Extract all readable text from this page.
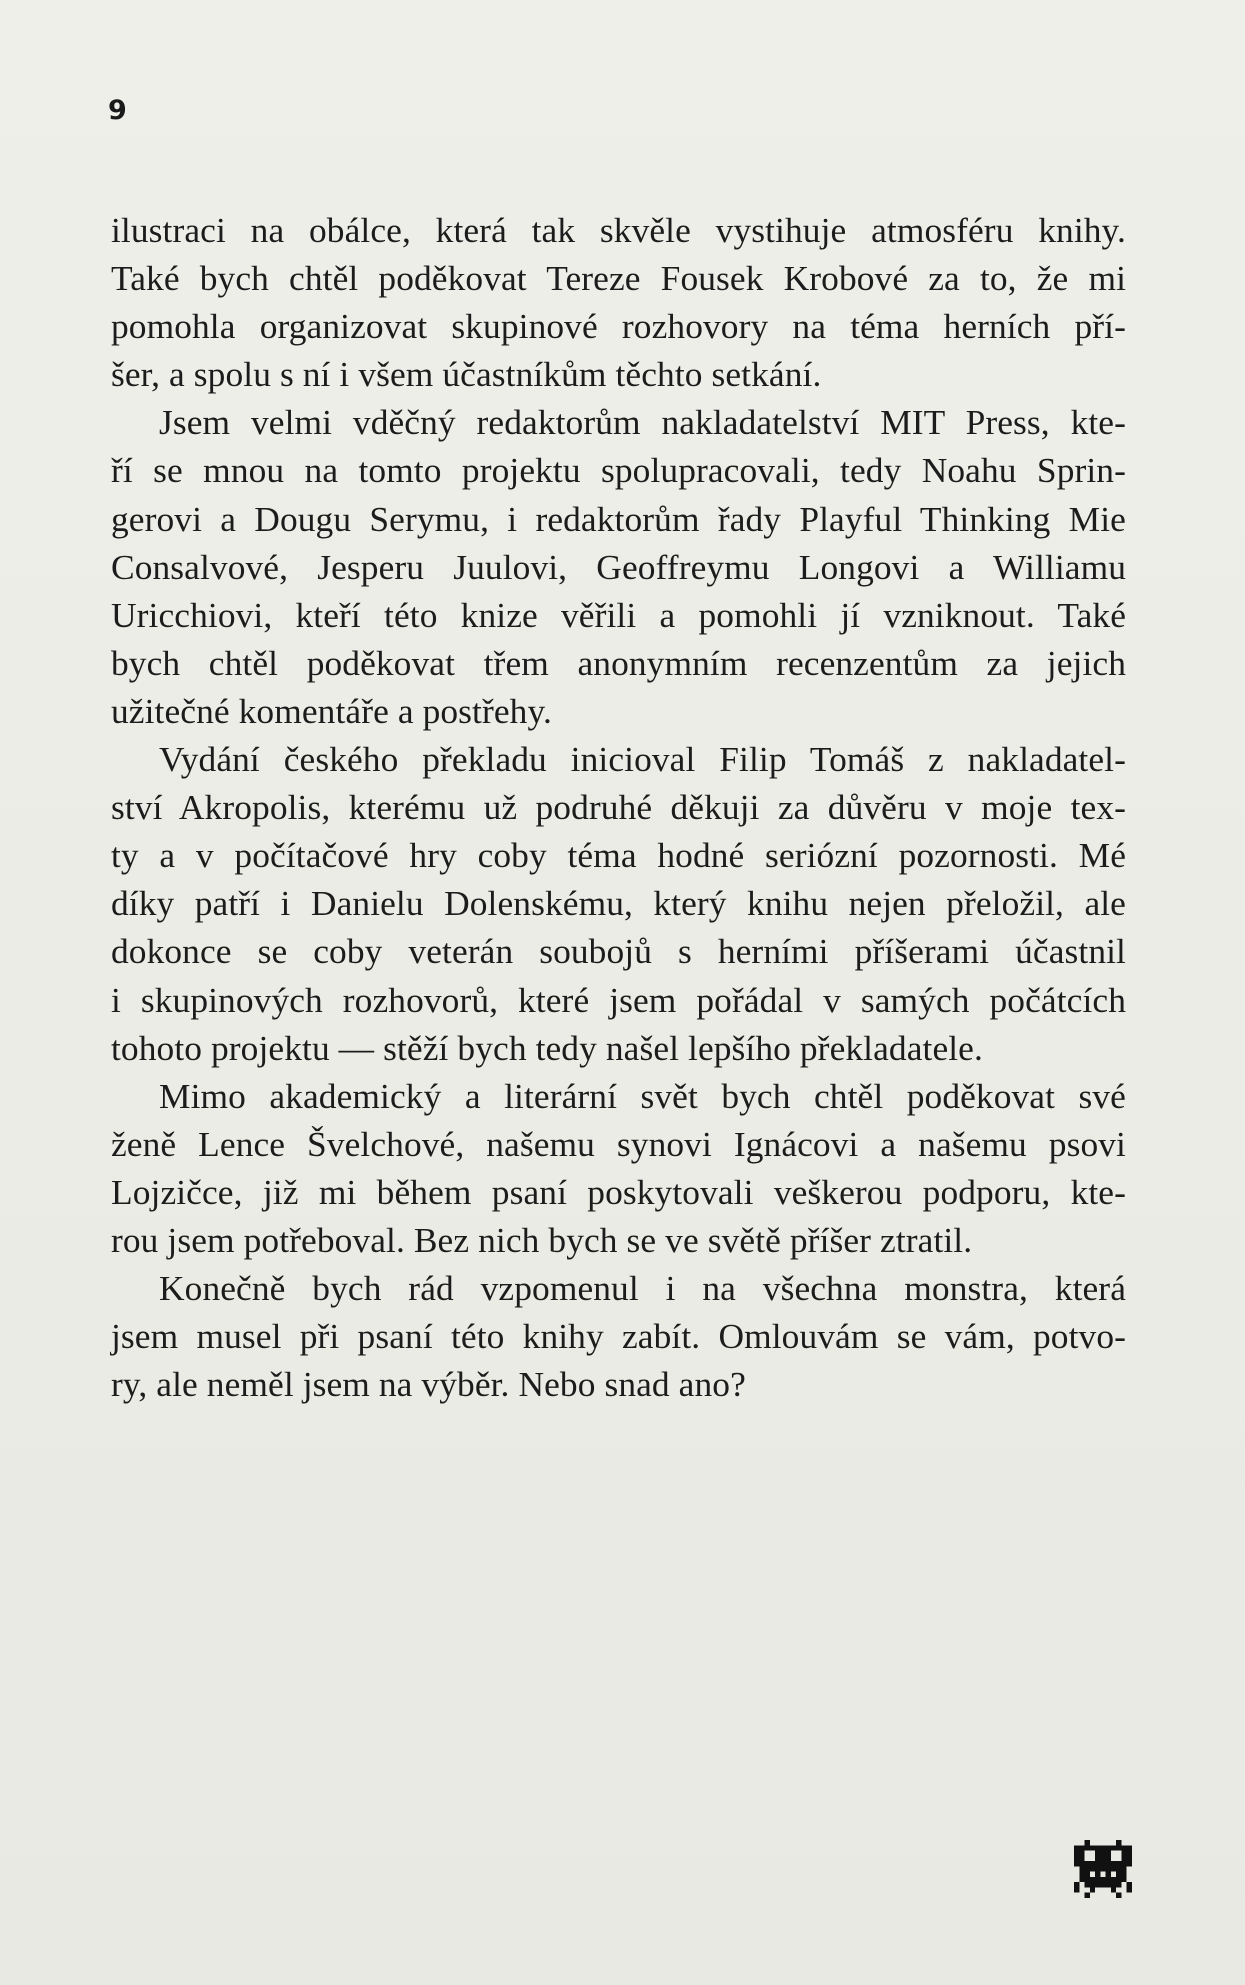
9

ilustraci na obálce, která tak skvěle vystihuje atmosféru knihy.
Také bych chtěl poděkovat Tereze Fousek Krobové za to, že mi
pomohla organizovat skupinové rozhovory na téma herních pří-
šer, a spolu s ní i všem účastníkům těchto setkání.

Jsem velmi vděčný redaktorům nakladatelství MIT Press, kte-
ří se mnou na tomto projektu spolupracovali, tedy Noahu Sprin-
gerovi a Dougu Serymu, i redaktorům řady Playful Thinking Mie
Consalvové, Jesperu Juulovi, Geoffreymu Longovi a Williamu
Uricchiovi, kteří této knize věřili a pomohli jí vzniknout. Také
bych chtěl poděkovat třem anonymním recenzentům za jejich
užitečné komentáře a postřehy.

Vydání českého překladu inicioval Filip Tomáš z nakladatel-
ství Akropolis, kterému už podruhé děkuji za důvěru v moje tex-
ty a v počítačové hry coby téma hodné seriózní pozornosti. Mé
díky patří i Danielu Dolenskému, který knihu nejen přeložil, ale
dokonce se coby veterán soubojů s herními příšerami účastnil
i skupinových rozhovorů, které jsem pořádal v samých počátcích
tohoto projektu — stěží bych tedy našel lepšího překladatele.

Mimo akademický a literární svět bych chtěl poděkovat své
ženě Lence Švelchové, našemu synovi Ignácovi a našemu psovi
Lojzičce, již mi během psaní poskytovali veškerou podporu, kte-
rou jsem potřeboval. Bez nich bych se ve světě příšer ztratil.

Konečně bych rád vzpomenul i na všechna monstra, která
jsem musel při psaní této knihy zabít. Omlouvám se vám, potvo-
ry, ale neměl jsem na výběr. Nebo snad ano?
